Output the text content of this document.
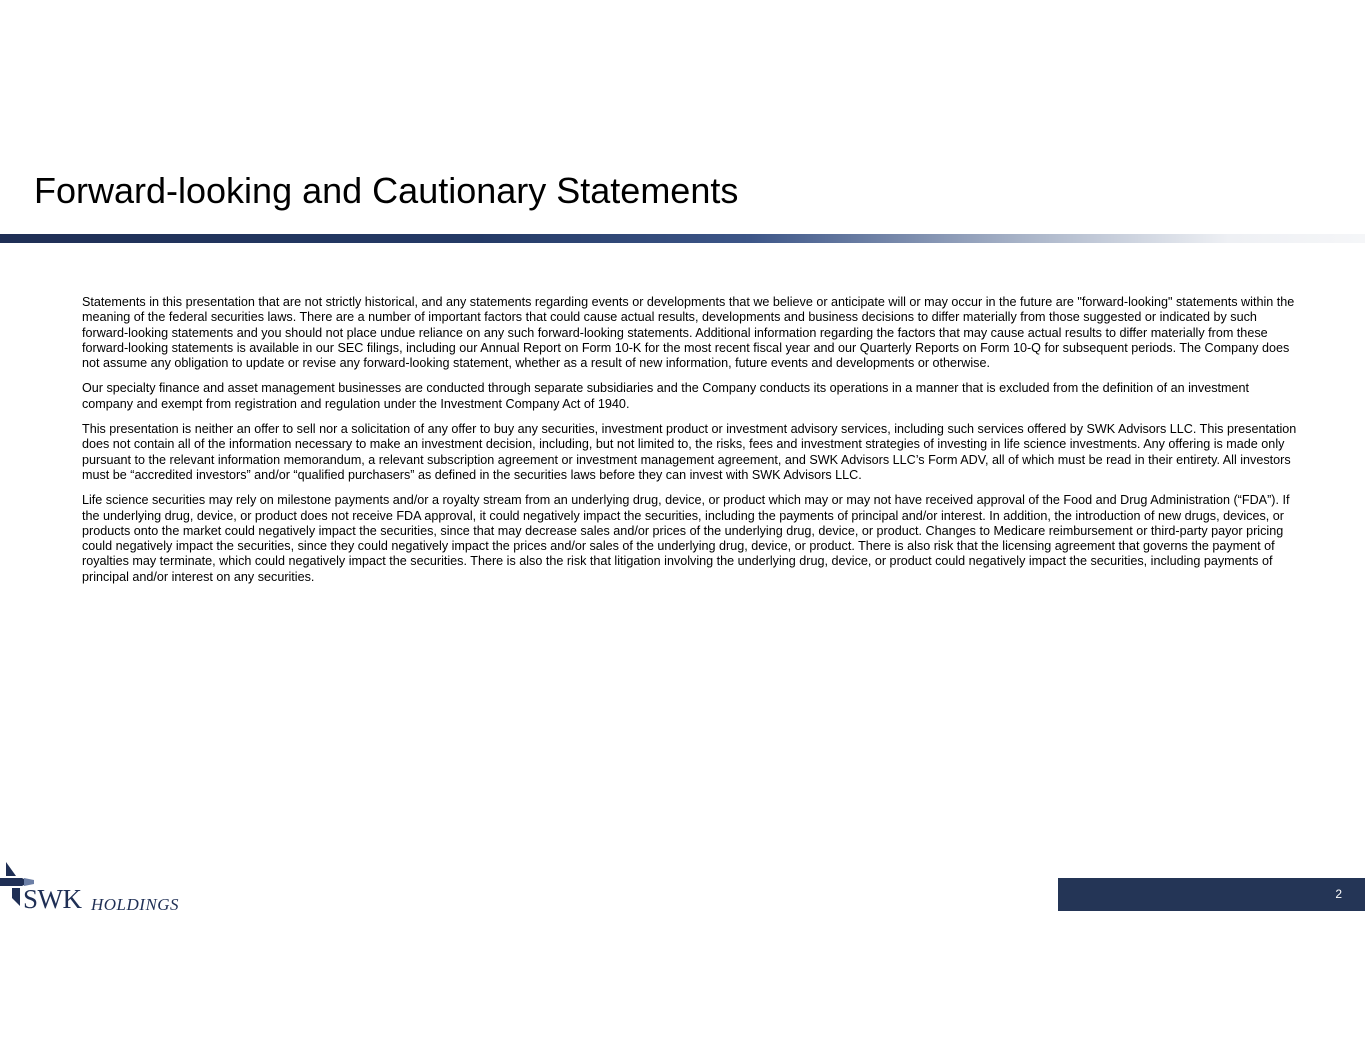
Forward-looking and Cautionary Statements

Statements in this presentation that are not strictly historical, and any statements regarding events or developments that we believe or anticipate will or may occur in the future are "forward-looking" statements within the meaning of the federal securities laws. There are a number of important factors that could cause actual results, developments and business decisions to differ materially from those suggested or indicated by such forward-looking statements and you should not place undue reliance on any such forward-looking statements. Additional information regarding the factors that may cause actual results to differ materially from these forward-looking statements is available in our SEC filings, including our Annual Report on Form 10-K for the most recent fiscal year and our Quarterly Reports on Form 10-Q for subsequent periods. The Company does not assume any obligation to update or revise any forward-looking statement, whether as a result of new information, future events and developments or otherwise.

Our specialty finance and asset management businesses are conducted through separate subsidiaries and the Company conducts its operations in a manner that is excluded from the definition of an investment company and exempt from registration and regulation under the Investment Company Act of 1940.

This presentation is neither an offer to sell nor a solicitation of any offer to buy any securities, investment product or investment advisory services, including such services offered by SWK Advisors LLC. This presentation does not contain all of the information necessary to make an investment decision, including, but not limited to, the risks, fees and investment strategies of investing in life science investments. Any offering is made only pursuant to the relevant information memorandum, a relevant subscription agreement or investment management agreement, and SWK Advisors LLC’s Form ADV, all of which must be read in their entirety. All investors must be “accredited investors” and/or “qualified purchasers” as defined in the securities laws before they can invest with SWK Advisors LLC.

Life science securities may rely on milestone payments and/or a royalty stream from an underlying drug, device, or product which may or may not have received approval of the Food and Drug Administration (“FDA”). If the underlying drug, device, or product does not receive FDA approval, it could negatively impact the securities, including the payments of principal and/or interest. In addition, the introduction of new drugs, devices, or products onto the market could negatively impact the securities, since that may decrease sales and/or prices of the underlying drug, device, or product. Changes to Medicare reimbursement or third-party payor pricing could negatively impact the securities, since they could negatively impact the prices and/or sales of the underlying drug, device, or product. There is also risk that the licensing agreement that governs the payment of royalties may terminate, which could negatively impact the securities. There is also the risk that litigation involving the underlying drug, device, or product could negatively impact the securities, including payments of principal and/or interest on any securities.

SWK HOLDINGS
2
